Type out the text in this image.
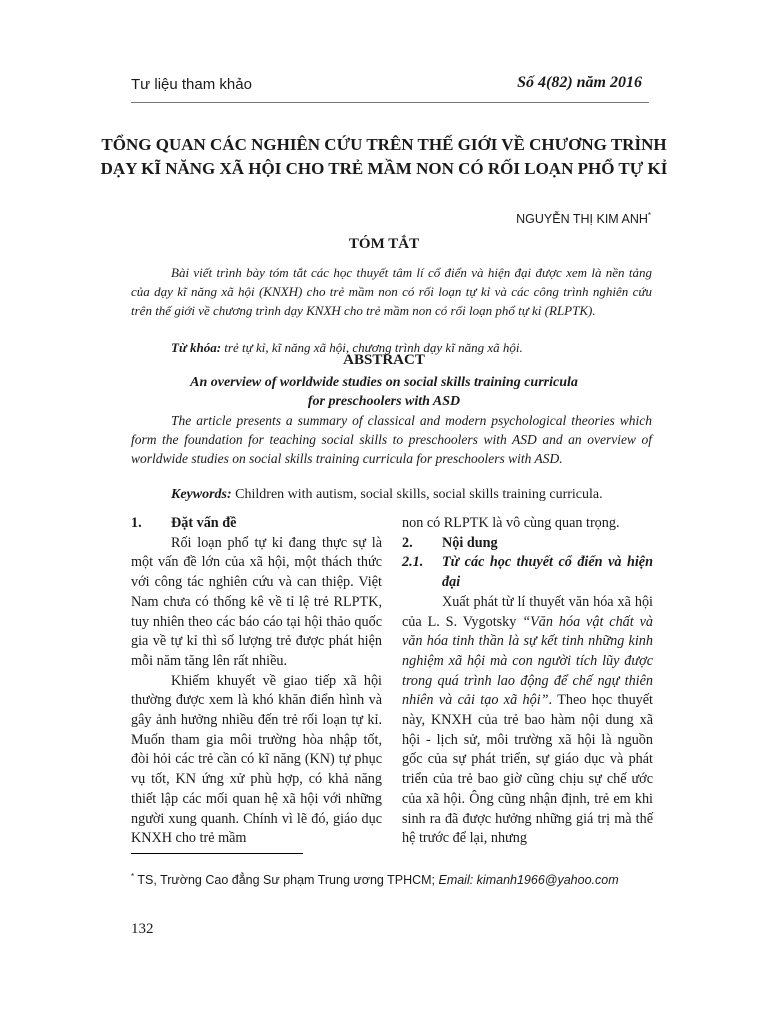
Tư liệu tham khảo	Số 4(82) năm 2016
TỔNG QUAN CÁC NGHIÊN CỨU TRÊN THẾ GIỚI VỀ CHƯƠNG TRÌNH DẠY KĨ NĂNG XÃ HỘI CHO TRẺ MẦM NON CÓ RỐI LOẠN PHỔ TỰ KỈ
NGUYỄN THỊ KIM ANH*
TÓM TẮT
Bài viết trình bày tóm tắt các học thuyết tâm lí cổ điển và hiện đại được xem là nền tảng của dạy kĩ năng xã hội (KNXH) cho trẻ mầm non có rối loạn tự kỉ và các công trình nghiên cứu trên thế giới về chương trình dạy KNXH cho trẻ mầm non có rối loạn phổ tự kỉ (RLPTK).
Từ khóa: trẻ tự kỉ, kĩ năng xã hội, chương trình dạy kĩ năng xã hội.
ABSTRACT
An overview of worldwide studies on social skills training curricula
for preschoolers with ASD
The article presents a summary of classical and modern psychological theories which form the foundation for teaching social skills to preschoolers with ASD and an overview of worldwide studies on social skills training curricula for preschoolers with ASD.
Keywords: Children with autism, social skills, social skills training curricula.

1.	Đặt vấn đề

Rối loạn phổ tự kỉ đang thực sự là một vấn đề lớn của xã hội, một thách thức với công tác nghiên cứu và can thiệp. Việt Nam chưa có thống kê về tỉ lệ trẻ RLPTK, tuy nhiên theo các báo cáo tại hội thảo quốc gia về tự kỉ thì số lượng trẻ được phát hiện mỗi năm tăng lên rất nhiều.

Khiếm khuyết về giao tiếp xã hội thường được xem là khó khăn điển hình và gây ảnh hưởng nhiều đến trẻ rối loạn tự kỉ. Muốn tham gia môi trường hòa nhập tốt, đòi hỏi các trẻ cần có kĩ năng (KN) tự phục vụ tốt, KN ứng xử phù hợp, có khả năng thiết lập các mối quan hệ xã hội với những người xung quanh. Chính vì lẽ đó, giáo dục KNXH cho trẻ mầm

non có RLPTK là vô cùng quan trọng.

2.	Nội dung

2.1.	Từ các học thuyết cổ điển và hiện đại

Xuất phát từ lí thuyết văn hóa xã hội của L. S. Vygotsky “Văn hóa vật chất và văn hóa tinh thần là sự kết tinh những kinh nghiệm xã hội mà con người tích lũy được trong quá trình lao động để chế ngự thiên nhiên và cải tạo xã hội”. Theo học thuyết này, KNXH của trẻ bao hàm nội dung xã hội - lịch sử, môi trường xã hội là nguồn gốc của sự phát triển, sự giáo dục và phát triển của trẻ bao giờ cũng chịu sự chế ước của xã hội. Ông cũng nhận định, trẻ em khi sinh ra đã được hưởng những giá trị mà thế hệ trước để lại, nhưng

* TS, Trường Cao đẳng Sư phạm Trung ương TPHCM; Email: kimanh1966@yahoo.com
132
